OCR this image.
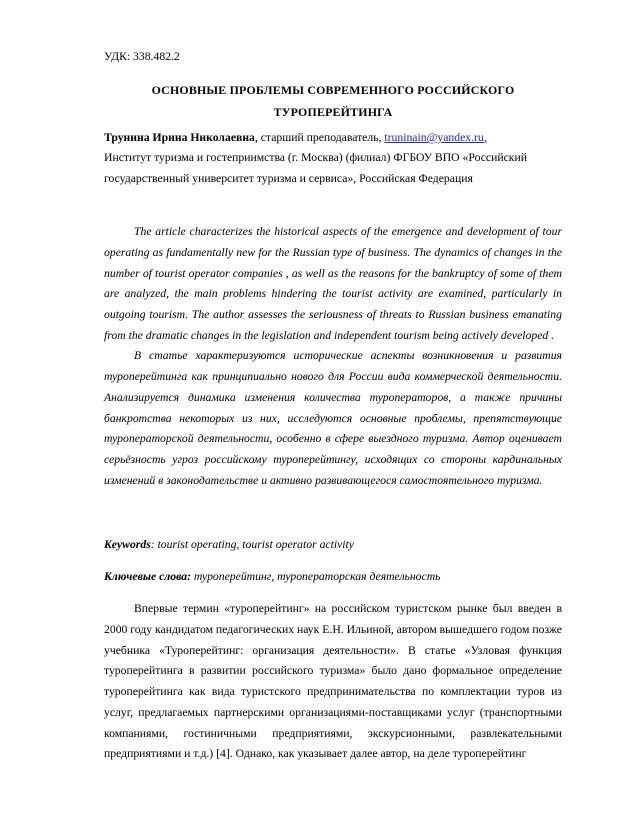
УДК: 338.482.2

ОСНОВНЫЕ ПРОБЛЕМЫ СОВРЕМЕННОГО РОССИЙСКОГО
ТУРОПЕРЕЙТИНГА

Трунина Ирина Николаевна, старший преподаватель, truninain@yandex.ru,
Институт туризма и гостеприимства (г. Москва) (филиал) ФГБОУ ВПО «Российский государственный университет туризма и сервиса», Российская Федерация

The article characterizes the historical aspects of the emergence and development of tour operating as fundamentally new for the Russian type of business. The dynamics of changes in the number of tourist operator companies , as well as the reasons for the bankruptcy of some of them are analyzed, the main problems hindering the tourist activity are examined, particularly in outgoing tourism. The author assesses the seriousness of threats to Russian business emanating from the dramatic changes in the legislation and independent tourism being actively developed .

В статье характеризуются исторические аспекты возникновения и развития туроперейтинга как принципиально нового для России вида коммерческой деятельности. Анализируется динамика изменения количества туроператоров, а также причины банкротства некоторых из них, исследуются основные проблемы, препятствующие туроператорской деятельности, особенно в сфере выездного туризма. Автор оценивает серьёзность угроз российскому туроперейтингу, исходящих со стороны кардинальных изменений в законодательстве и активно развивающегося самостоятельного туризма.

Keywords: tourist operating, tourist operator activity

Ключевые слова: туроперейтинг, туроператорская деятельность

Впервые термин «туроперейтинг» на российском туристском рынке был введен в 2000 году кандидатом педагогических наук Е.Н. Ильиной, автором вышедшего годом позже учебника «Туроперейтинг: организация деятельности». В статье «Узловая функция туроперейтинга в развитии российского туризма» было дано формальное определение туроперейтинга как вида туристского предпринимательства по комплектации туров из услуг, предлагаемых партнерскими организациями-поставщиками услуг (транспортными компаниями, гостиничными предприятиями, экскурсионными, развлекательными предприятиями и т.д.) [4]. Однако, как указывает далее автор, на деле туроперейтинг
